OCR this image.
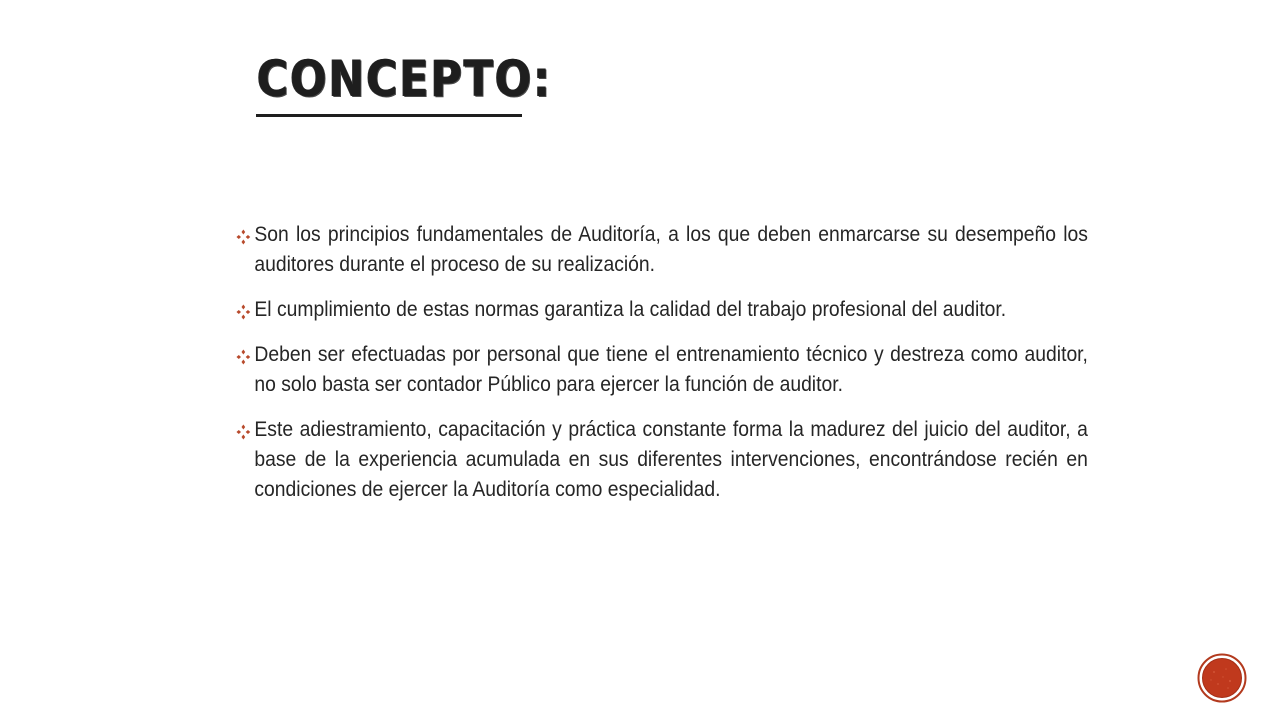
CONCEPTO:
Son los principios fundamentales de Auditoría, a los que deben enmarcarse su desempeño los auditores durante el proceso de su realización.
El cumplimiento de estas normas garantiza la calidad del trabajo profesional del auditor.
Deben ser efectuadas por personal que tiene el entrenamiento técnico y destreza como auditor, no solo basta ser contador Público para ejercer la función de auditor.
Este adiestramiento, capacitación y práctica constante forma la madurez del juicio del auditor, a base de la experiencia acumulada en sus diferentes intervenciones, encontrándose recién en condiciones de ejercer la Auditoría como especialidad.
